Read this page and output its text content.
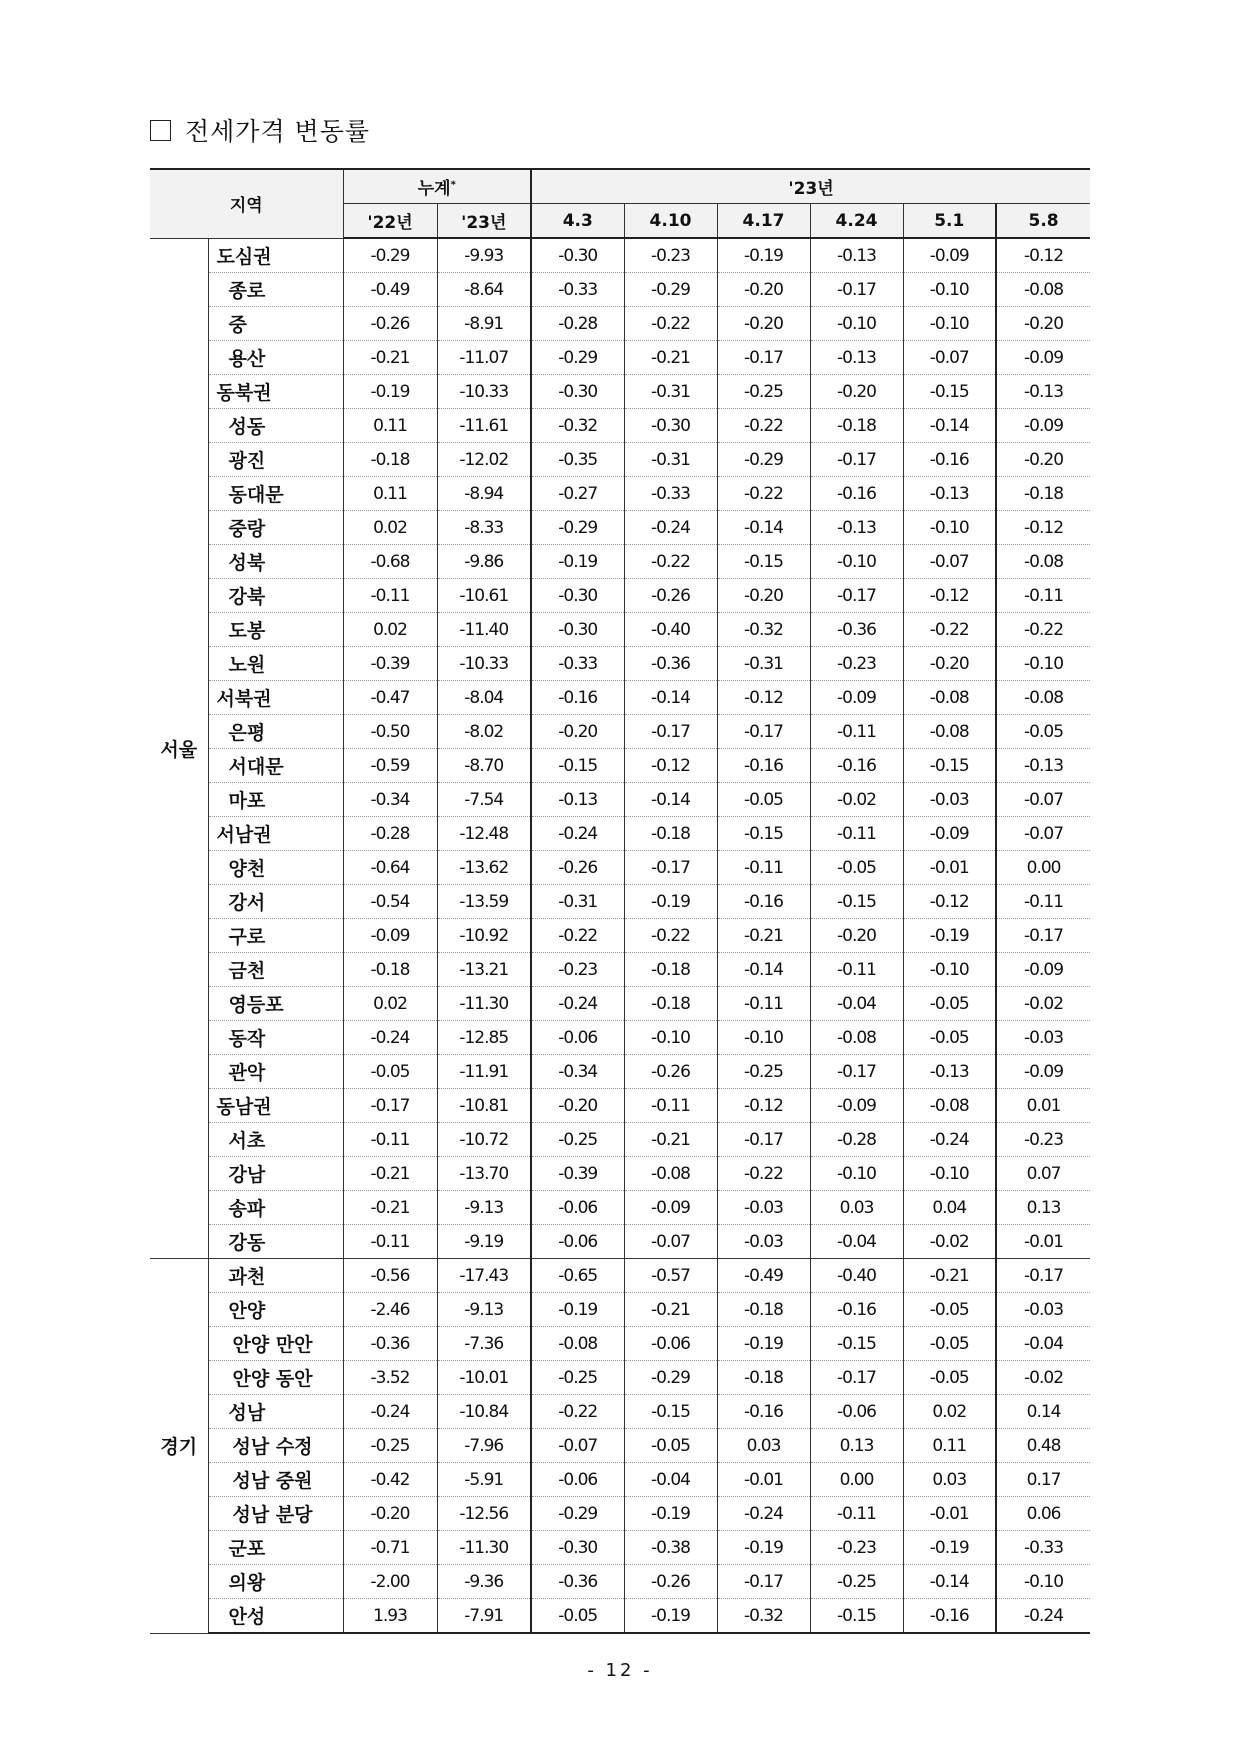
전세가격 변동률
지역		누계*		'23년					
		'22년	'23년	4.3	4.10	4.17	4.24	5.1	5.8
서울	도심권	-0.29	-9.93	-0.30	-0.23	-0.19	-0.13	-0.09	-0.12
	종로	-0.49	-8.64	-0.33	-0.29	-0.20	-0.17	-0.10	-0.08
	중	-0.26	-8.91	-0.28	-0.22	-0.20	-0.10	-0.10	-0.20
	용산	-0.21	-11.07	-0.29	-0.21	-0.17	-0.13	-0.07	-0.09
	동북권	-0.19	-10.33	-0.30	-0.31	-0.25	-0.20	-0.15	-0.13
	성동	0.11	-11.61	-0.32	-0.30	-0.22	-0.18	-0.14	-0.09
	광진	-0.18	-12.02	-0.35	-0.31	-0.29	-0.17	-0.16	-0.20
	동대문	0.11	-8.94	-0.27	-0.33	-0.22	-0.16	-0.13	-0.18
	중랑	0.02	-8.33	-0.29	-0.24	-0.14	-0.13	-0.10	-0.12
	성북	-0.68	-9.86	-0.19	-0.22	-0.15	-0.10	-0.07	-0.08
	강북	-0.11	-10.61	-0.30	-0.26	-0.20	-0.17	-0.12	-0.11
	도봉	0.02	-11.40	-0.30	-0.40	-0.32	-0.36	-0.22	-0.22
	노원	-0.39	-10.33	-0.33	-0.36	-0.31	-0.23	-0.20	-0.10
	서북권	-0.47	-8.04	-0.16	-0.14	-0.12	-0.09	-0.08	-0.08
	은평	-0.50	-8.02	-0.20	-0.17	-0.17	-0.11	-0.08	-0.05
	서대문	-0.59	-8.70	-0.15	-0.12	-0.16	-0.16	-0.15	-0.13
	마포	-0.34	-7.54	-0.13	-0.14	-0.05	-0.02	-0.03	-0.07
	서남권	-0.28	-12.48	-0.24	-0.18	-0.15	-0.11	-0.09	-0.07
	양천	-0.64	-13.62	-0.26	-0.17	-0.11	-0.05	-0.01	0.00
	강서	-0.54	-13.59	-0.31	-0.19	-0.16	-0.15	-0.12	-0.11
	구로	-0.09	-10.92	-0.22	-0.22	-0.21	-0.20	-0.19	-0.17
	금천	-0.18	-13.21	-0.23	-0.18	-0.14	-0.11	-0.10	-0.09
	영등포	0.02	-11.30	-0.24	-0.18	-0.11	-0.04	-0.05	-0.02
	동작	-0.24	-12.85	-0.06	-0.10	-0.10	-0.08	-0.05	-0.03
	관악	-0.05	-11.91	-0.34	-0.26	-0.25	-0.17	-0.13	-0.09
	동남권	-0.17	-10.81	-0.20	-0.11	-0.12	-0.09	-0.08	0.01
	서초	-0.11	-10.72	-0.25	-0.21	-0.17	-0.28	-0.24	-0.23
	강남	-0.21	-13.70	-0.39	-0.08	-0.22	-0.10	-0.10	0.07
	송파	-0.21	-9.13	-0.06	-0.09	-0.03	0.03	0.04	0.13
	강동	-0.11	-9.19	-0.06	-0.07	-0.03	-0.04	-0.02	-0.01
경기	과천	-0.56	-17.43	-0.65	-0.57	-0.49	-0.40	-0.21	-0.17
	안양	-2.46	-9.13	-0.19	-0.21	-0.18	-0.16	-0.05	-0.03
	안양 만안	-0.36	-7.36	-0.08	-0.06	-0.19	-0.15	-0.05	-0.04
	안양 동안	-3.52	-10.01	-0.25	-0.29	-0.18	-0.17	-0.05	-0.02
	성남	-0.24	-10.84	-0.22	-0.15	-0.16	-0.06	0.02	0.14
	성남 수정	-0.25	-7.96	-0.07	-0.05	0.03	0.13	0.11	0.48
	성남 중원	-0.42	-5.91	-0.06	-0.04	-0.01	0.00	0.03	0.17
	성남 분당	-0.20	-12.56	-0.29	-0.19	-0.24	-0.11	-0.01	0.06
	군포	-0.71	-11.30	-0.30	-0.38	-0.19	-0.23	-0.19	-0.33
	의왕	-2.00	-9.36	-0.36	-0.26	-0.17	-0.25	-0.14	-0.10
	안성	1.93	-7.91	-0.05	-0.19	-0.32	-0.15	-0.16	-0.24
- 12 -
